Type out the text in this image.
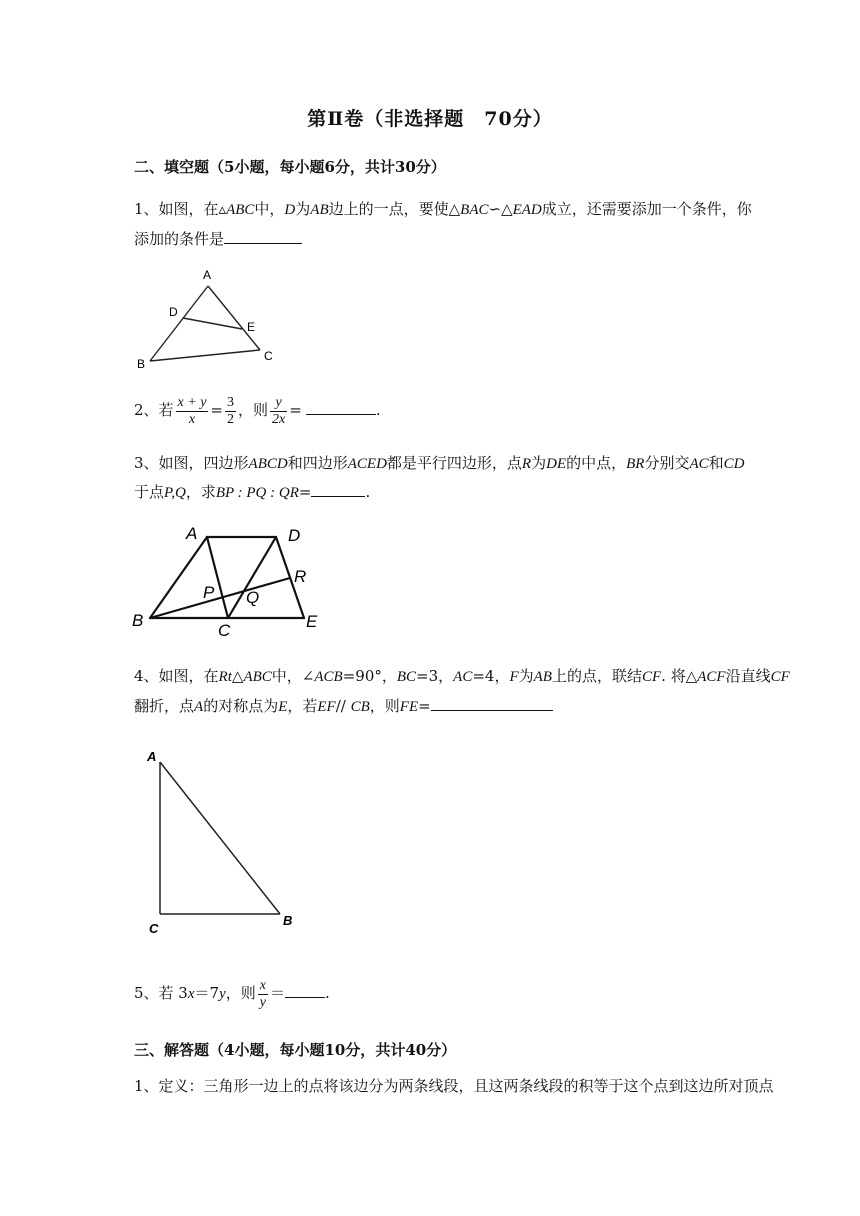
第Ⅱ卷（非选择题　70分）
二、填空题（5小题，每小题6分，共计30分）
1、如图，在▵ABC中，D为AB边上的一点，要使△BAC∽△EAD成立，还需要添加一个条件，你
添加的条件是
A
D
E
B
C
2、若 $\frac{x + y}{x} = \frac{3}{2}$ ，则 $\frac{y}{2x}$ =	.
3、如图，四边形ABCD和四边形ACED都是平行四边形，点R为DE的中点，BR分别交AC和CD
于点P,Q，求BP : PQ : QR=	.
A	D
R
P Q
B
C	E
4、如图，在Rt△ABC中，∠ACB=90°，BC=3，AC=4，F为AB上的点，联结CF. 将△ACF沿直线CF
翻折，点A的对称点为E，若EF// CB，则FE=
A
C
B
5、若 3x＝7y，则 $\frac{x}{y}$ ＝	.
三、解答题（4小题，每小题10分，共计40分）
1、定义：三角形一边上的点将该边分为两条线段，且这两条线段的积等于这个点到这边所对顶点
